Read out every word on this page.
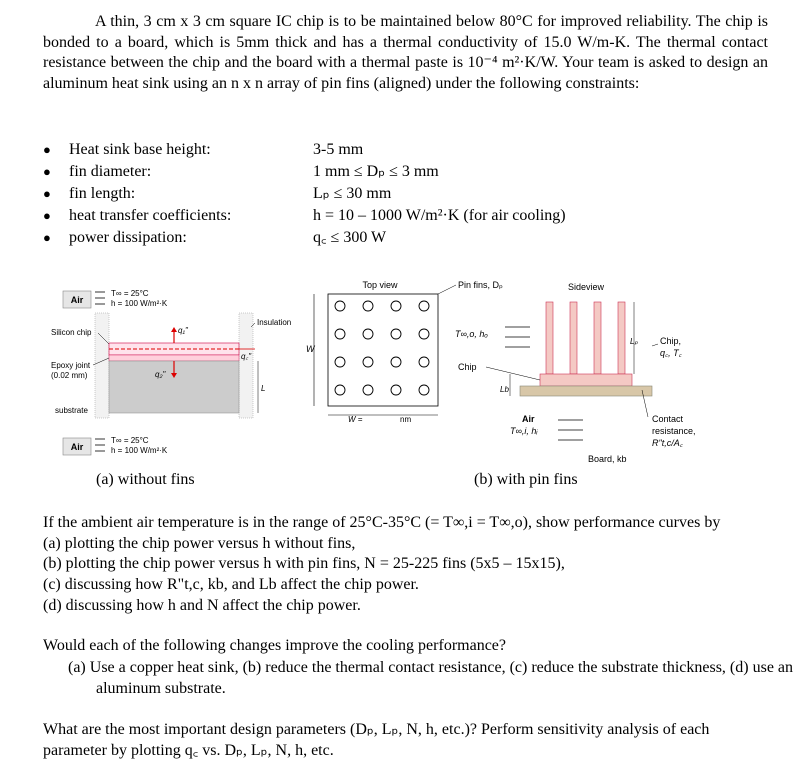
A thin, 3 cm x 3 cm square IC chip is to be maintained below 80°C for improved reliability. The chip is bonded to a board, which is 5mm thick and has a thermal conductivity of 15.0 W/m-K. The thermal contact resistance between the chip and the board with a thermal paste is 10⁻⁴ m²·K/W. Your team is asked to design an aluminum heat sink using an n x n array of pin fins (aligned) under the following constraints:
● Heat sink base height:	3-5 mm
● fin diameter:	1 mm ≤ Dₚ ≤ 3 mm
● fin length:	Lₚ ≤ 30 mm
● heat transfer coefficients:	h = 10 – 1000 W/m²·K (for air cooling)
● power dissipation:	q꜀ ≤ 300 W
Air
T∞ = 25°C
h = 100 W/m²·K
q₁"
q₂"
q꜀"
Silicon chip
Insulation
Epoxy joint
(0.02 mm)
L
substrate
Air
T∞ = 25°C
h = 100 W/m²·K
(a) without fins
Top view
W
W =	nm
Pin fins, Dₚ	Sideview
T∞,o, hₒ
Lₚ
Chip
Lb
Chip,
q꜀, T꜀
Air
T∞,i, hᵢ
Contact
resistance,
R"t,c/A꜀
Board, kb
(b) with pin fins
If the ambient air temperature is in the range of 25°C-35°C (= T∞,i = T∞,o), show performance curves by
(a) plotting the chip power versus h without fins,
(b) plotting the chip power versus h with pin fins, N = 25-225 fins (5x5 – 15x15),
(c) discussing how R"t,c, kb, and Lb affect the chip power.
(d) discussing how h and N affect the chip power.
Would each of the following changes improve the cooling performance?
(a) Use a copper heat sink, (b) reduce the thermal contact resistance, (c) reduce the substrate thickness, (d) use an aluminum substrate.
What are the most important design parameters (Dₚ, Lₚ, N, h, etc.)? Perform sensitivity analysis of each parameter by plotting q꜀ vs. Dₚ, Lₚ, N, h, etc.
